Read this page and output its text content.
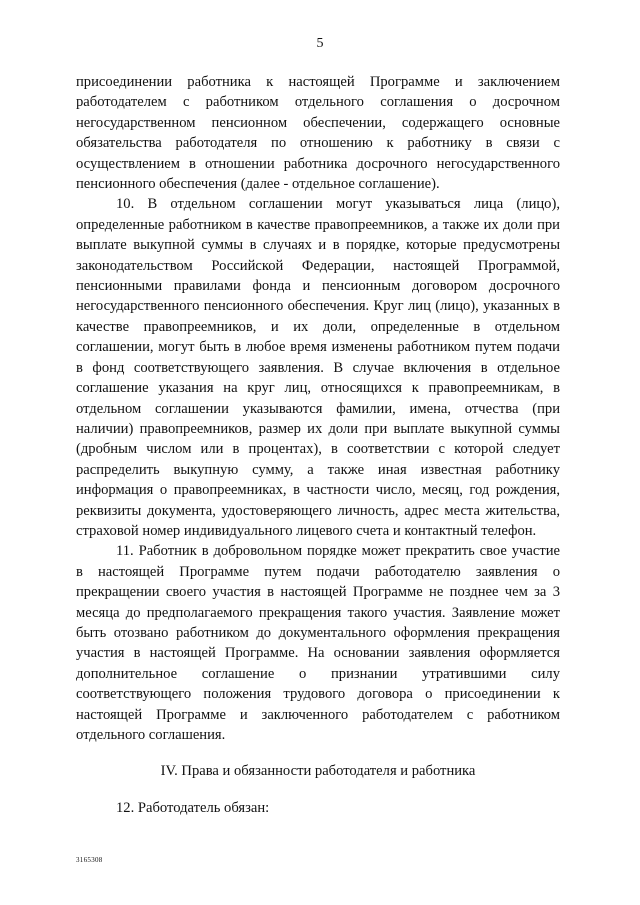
5

присоединении работника к настоящей Программе и заключением работодателем с работником отдельного соглашения о досрочном негосударственном пенсионном обеспечении, содержащего основные обязательства работодателя по отношению к работнику в связи с осуществлением в отношении работника досрочного негосударственного пенсионного обеспечения (далее - отдельное соглашение).

10. В отдельном соглашении могут указываться лица (лицо), определенные работником в качестве правопреемников, а также их доли при выплате выкупной суммы в случаях и в порядке, которые предусмотрены законодательством Российской Федерации, настоящей Программой, пенсионными правилами фонда и пенсионным договором досрочного негосударственного пенсионного обеспечения. Круг лиц (лицо), указанных в качестве правопреемников, и их доли, определенные в отдельном соглашении, могут быть в любое время изменены работником путем подачи в фонд соответствующего заявления. В случае включения в отдельное соглашение указания на круг лиц, относящихся к правопреемникам, в отдельном соглашении указываются фамилии, имена, отчества (при наличии) правопреемников, размер их доли при выплате выкупной суммы (дробным числом или в процентах), в соответствии с которой следует распределить выкупную сумму, а также иная известная работнику информация о правопреемниках, в частности число, месяц, год рождения, реквизиты документа, удостоверяющего личность, адрес места жительства, страховой номер индивидуального лицевого счета и контактный телефон.

11. Работник в добровольном порядке может прекратить свое участие в настоящей Программе путем подачи работодателю заявления о прекращении своего участия в настоящей Программе не позднее чем за 3 месяца до предполагаемого прекращения такого участия. Заявление может быть отозвано работником до документального оформления прекращения участия в настоящей Программе. На основании заявления оформляется дополнительное соглашение о признании утратившими силу соответствующего положения трудового договора о присоединении к настоящей Программе и заключенного работодателем с работником отдельного соглашения.

IV. Права и обязанности работодателя и работника

12. Работодатель обязан:

3165308
